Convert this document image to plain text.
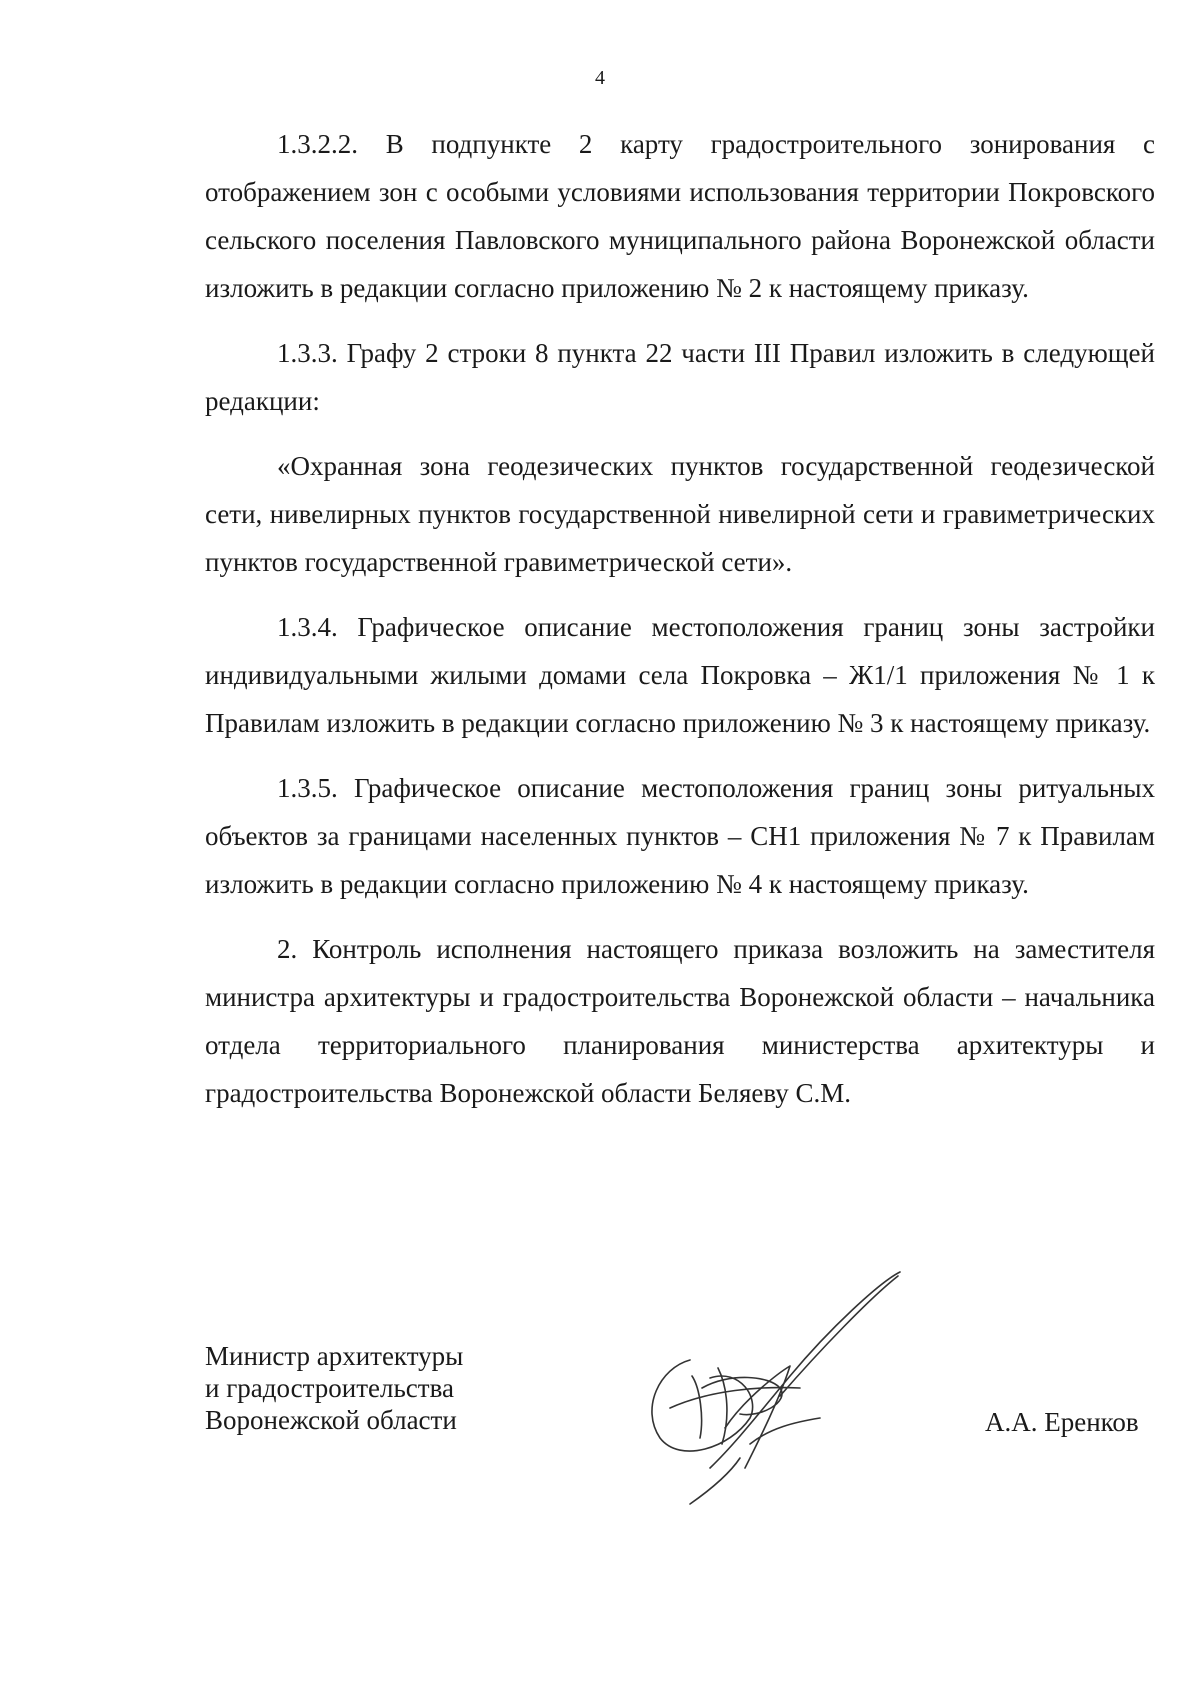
4

1.3.2.2. В подпункте 2 карту градостроительного зонирования с отображением зон с особыми условиями использования территории Покровского сельского поселения Павловского муниципального района Воронежской области изложить в редакции согласно приложению № 2 к настоящему приказу.

1.3.3. Графу 2 строки 8 пункта 22 части III Правил изложить в следующей редакции:

«Охранная зона геодезических пунктов государственной геодезической сети, нивелирных пунктов государственной нивелирной сети и гравиметрических пунктов государственной гравиметрической сети».

1.3.4. Графическое описание местоположения границ зоны застройки индивидуальными жилыми домами села Покровка – Ж1/1 приложения № 1 к Правилам изложить в редакции согласно приложению № 3 к настоящему приказу.

1.3.5. Графическое описание местоположения границ зоны ритуальных объектов за границами населенных пунктов – СН1 приложения № 7 к Правилам изложить в редакции согласно приложению № 4 к настоящему приказу.

2. Контроль исполнения настоящего приказа возложить на заместителя министра архитектуры и градостроительства Воронежской области – начальника отдела территориального планирования министерства архитектуры и градостроительства Воронежской области Беляеву С.М.

Министр архитектуры
и градостроительства
Воронежской области	А.А. Еренков
